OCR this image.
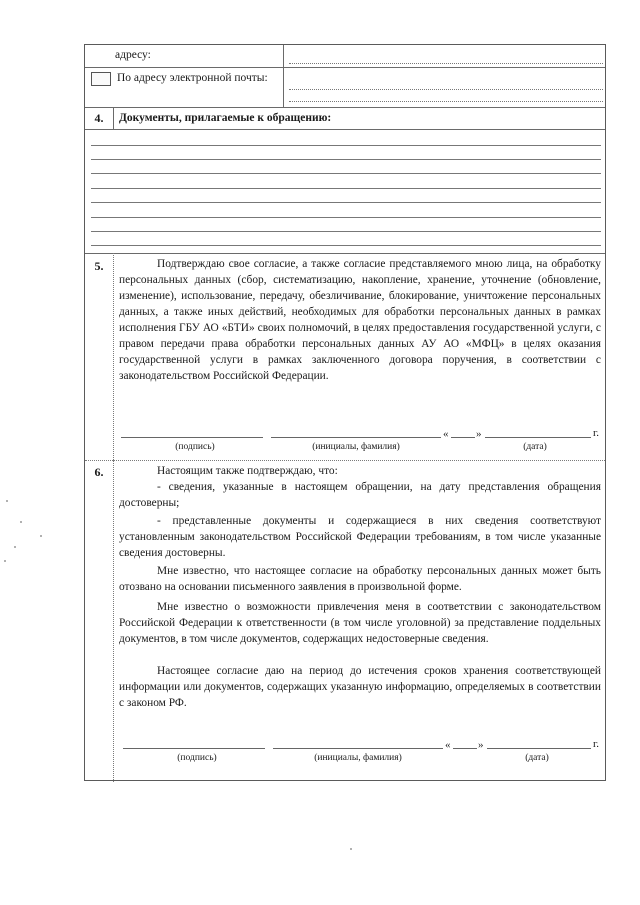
адресу:
По адресу электронной почты:
4.	Документы, прилагаемые к обращению:
5.	Подтверждаю свое согласие, а также согласие представляемого мною лица, на обработку персональных данных (сбор, систематизацию, накопление, хранение, уточнение (обновление, изменение), использование, передачу, обезличивание, блокирование, уничтожение персональных данных, а также иных действий, необходимых для обработки персональных данных в рамках исполнения ГБУ АО «БТИ» своих полномочий, в целях предоставления государственной услуги, с правом передачи права обработки персональных данных АУ АО «МФЦ» в целях оказания государственной услуги в рамках заключенного договора поручения, в соответствии с законодательством Российской Федерации.
«	»	г.
(подпись)	(инициалы, фамилия)	(дата)
6.	Настоящим также подтверждаю, что:
- сведения, указанные в настоящем обращении, на дату представления обращения достоверны;
- представленные документы и содержащиеся в них сведения соответствуют установленным законодательством Российской Федерации требованиям, в том числе указанные сведения достоверны.
Мне известно, что настоящее согласие на обработку персональных данных может быть отозвано на основании письменного заявления в произвольной форме.
Мне известно о возможности привлечения меня в соответствии с законодательством Российской Федерации к ответственности (в том числе уголовной) за представление поддельных документов, в том числе документов, содержащих недостоверные сведения.
Настоящее согласие даю на период до истечения сроков хранения соответствующей информации или документов, содержащих указанную информацию, определяемых в соответствии с законом РФ.
«	»	г.
(подпись)	(инициалы, фамилия)	(дата)
